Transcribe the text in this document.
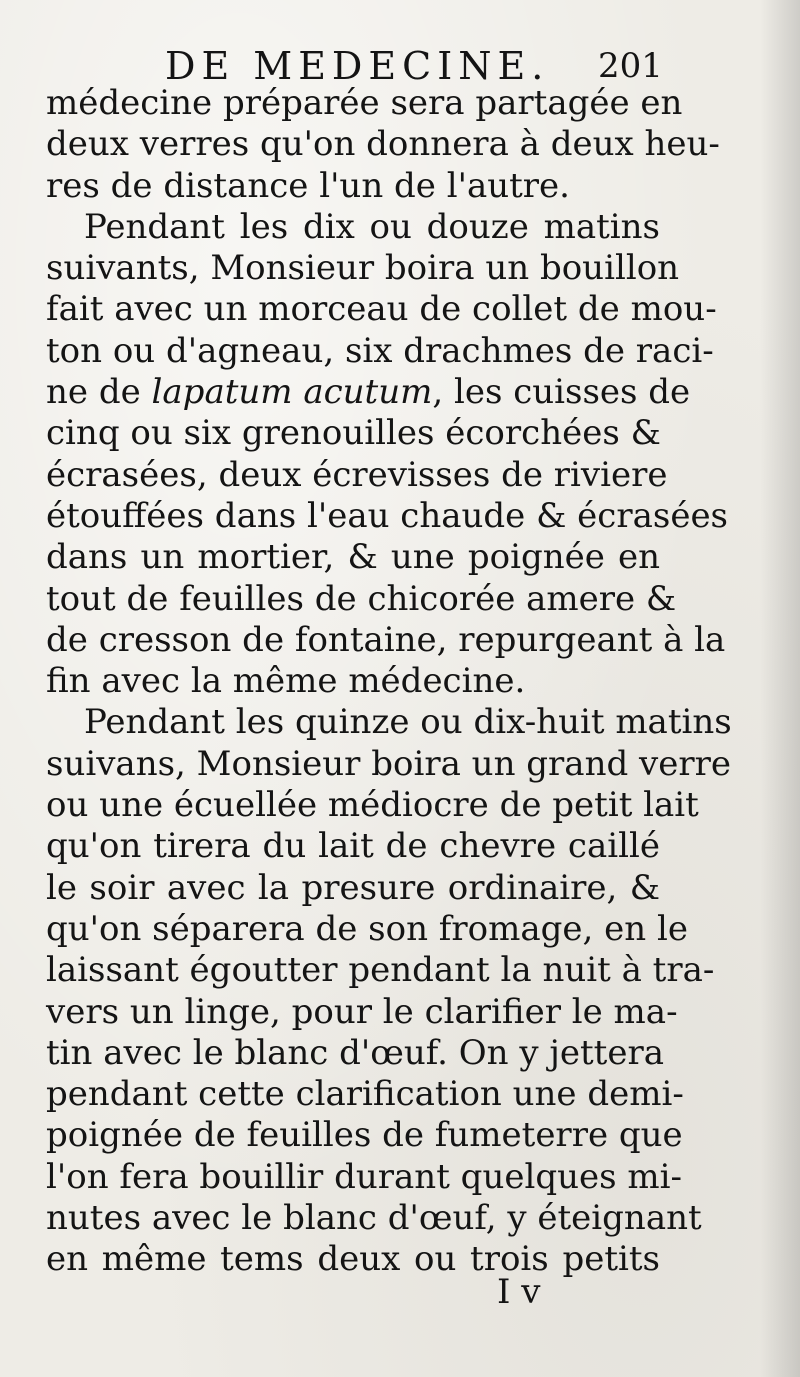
DE MEDECINE. 201
médecine préparée sera partagée en
deux verres qu'on donnera à deux heu-
res de distance l'un de l'autre.
Pendant les dix ou douze matins
suivants, Monsieur boira un bouillon
fait avec un morceau de collet de mou-
ton ou d'agneau, six drachmes de raci-
ne de lapatum acutum, les cuisses de
cinq ou six grenouilles écorchées &
écrasées, deux écrevisses de riviere
étouffées dans l'eau chaude & écrasées
dans un mortier, & une poignée en
tout de feuilles de chicorée amere &
de cresson de fontaine, repurgeant à la
fin avec la même médecine.
Pendant les quinze ou dix-huit matins
suivans, Monsieur boira un grand verre
ou une écuellée médiocre de petit lait
qu'on tirera du lait de chevre caillé
le soir avec la presure ordinaire, &
qu'on séparera de son fromage, en le
laissant égoutter pendant la nuit à tra-
vers un linge, pour le clarifier le ma-
tin avec le blanc d'œuf. On y jettera
pendant cette clarification une demi-
poignée de feuilles de fumeterre que
l'on fera bouillir durant quelques mi-
nutes avec le blanc d'œuf, y éteignant
en même tems deux ou trois petits
I v
